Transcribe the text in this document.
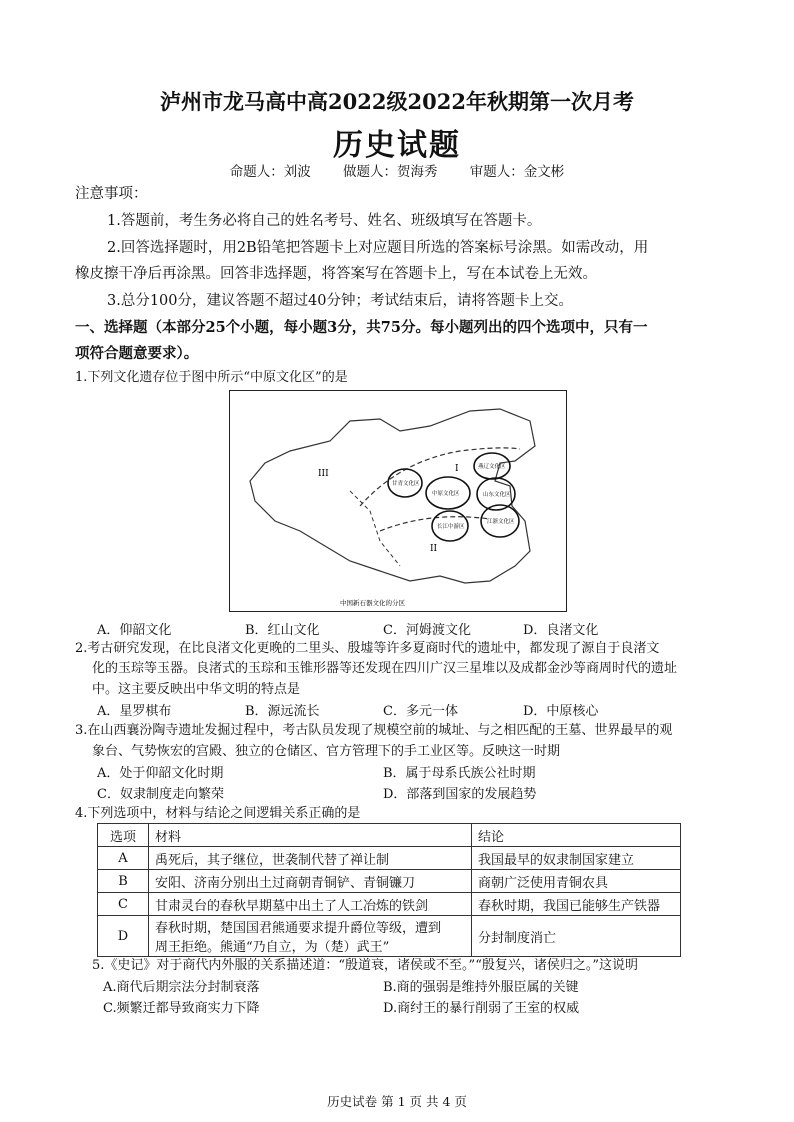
泸州市龙马高中高2022级2022年秋期第一次月考
历史试题
命题人：刘波 做题人：贺海秀 审题人：金文彬
注意事项：
1.答题前，考生务必将自己的姓名考号、姓名、班级填写在答题卡。
2.回答选择题时，用2B铅笔把答题卡上对应题目所选的答案标号涂黑。如需改动，用
橡皮擦干净后再涂黑。回答非选择题，将答案写在答题卡上，写在本试卷上无效。
3.总分100分，建议答题不超过40分钟；考试结束后，请将答题卡上交。
一、选择题（本部分25个小题，每小题3分，共75分。每小题列出的四个选项中，只有一
项符合题意要求）。
1.下列文化遗存位于图中所示“中原文化区”的是
III	I
II
燕辽文化区
甘青文化区
中原文化区	山东文化区
长江中游区
江浙文化区
中国新石器文化的分区
A．仰韶文化	B．红山文化	C．河姆渡文化	D．良渚文化
2.考古研究发现，在比良渚文化更晚的二里头、殷墟等许多夏商时代的遗址中，都发现了源自于良渚文
化的玉琮等玉器。良渚式的玉琮和玉锥形器等还发现在四川广汉三星堆以及成都金沙等商周时代的遗址
中。这主要反映出中华文明的特点是
A．星罗棋布	B．源远流长	C．多元一体	D．中原核心
3.在山西襄汾陶寺遗址发掘过程中，考古队员发现了规模空前的城址、与之相匹配的王墓、世界最早的观
象台、气势恢宏的宫殿、独立的仓储区、官方管理下的手工业区等。反映这一时期
A．处于仰韶文化时期	B．属于母系氏族公社时期
C．奴隶制度走向繁荣	D．部落到国家的发展趋势
4.下列选项中，材料与结论之间逻辑关系正确的是
选项	材料	结论
A	禹死后，其子继位，世袭制代替了禅让制	我国最早的奴隶制国家建立
B	安阳、济南分别出土过商朝青铜铲、青铜镰刀	商朝广泛使用青铜农具
C	甘肃灵台的春秋早期墓中出土了人工冶炼的铁剑	春秋时期，我国已能够生产铁器
D	春秋时期，楚国国君熊通要求提升爵位等级，遭到
周王拒绝。熊通“乃自立，为（楚）武王”	分封制度消亡
5.《史记》对于商代内外服的关系描述道：“殷道衰，诸侯或不至。”“殷复兴，诸侯归之。”这说明
A.商代后期宗法分封制衰落	B.商的强弱是维持外服臣属的关键
C.频繁迁都导致商实力下降	D.商纣王的暴行削弱了王室的权威
历史试卷 第 1 页 共 4 页
